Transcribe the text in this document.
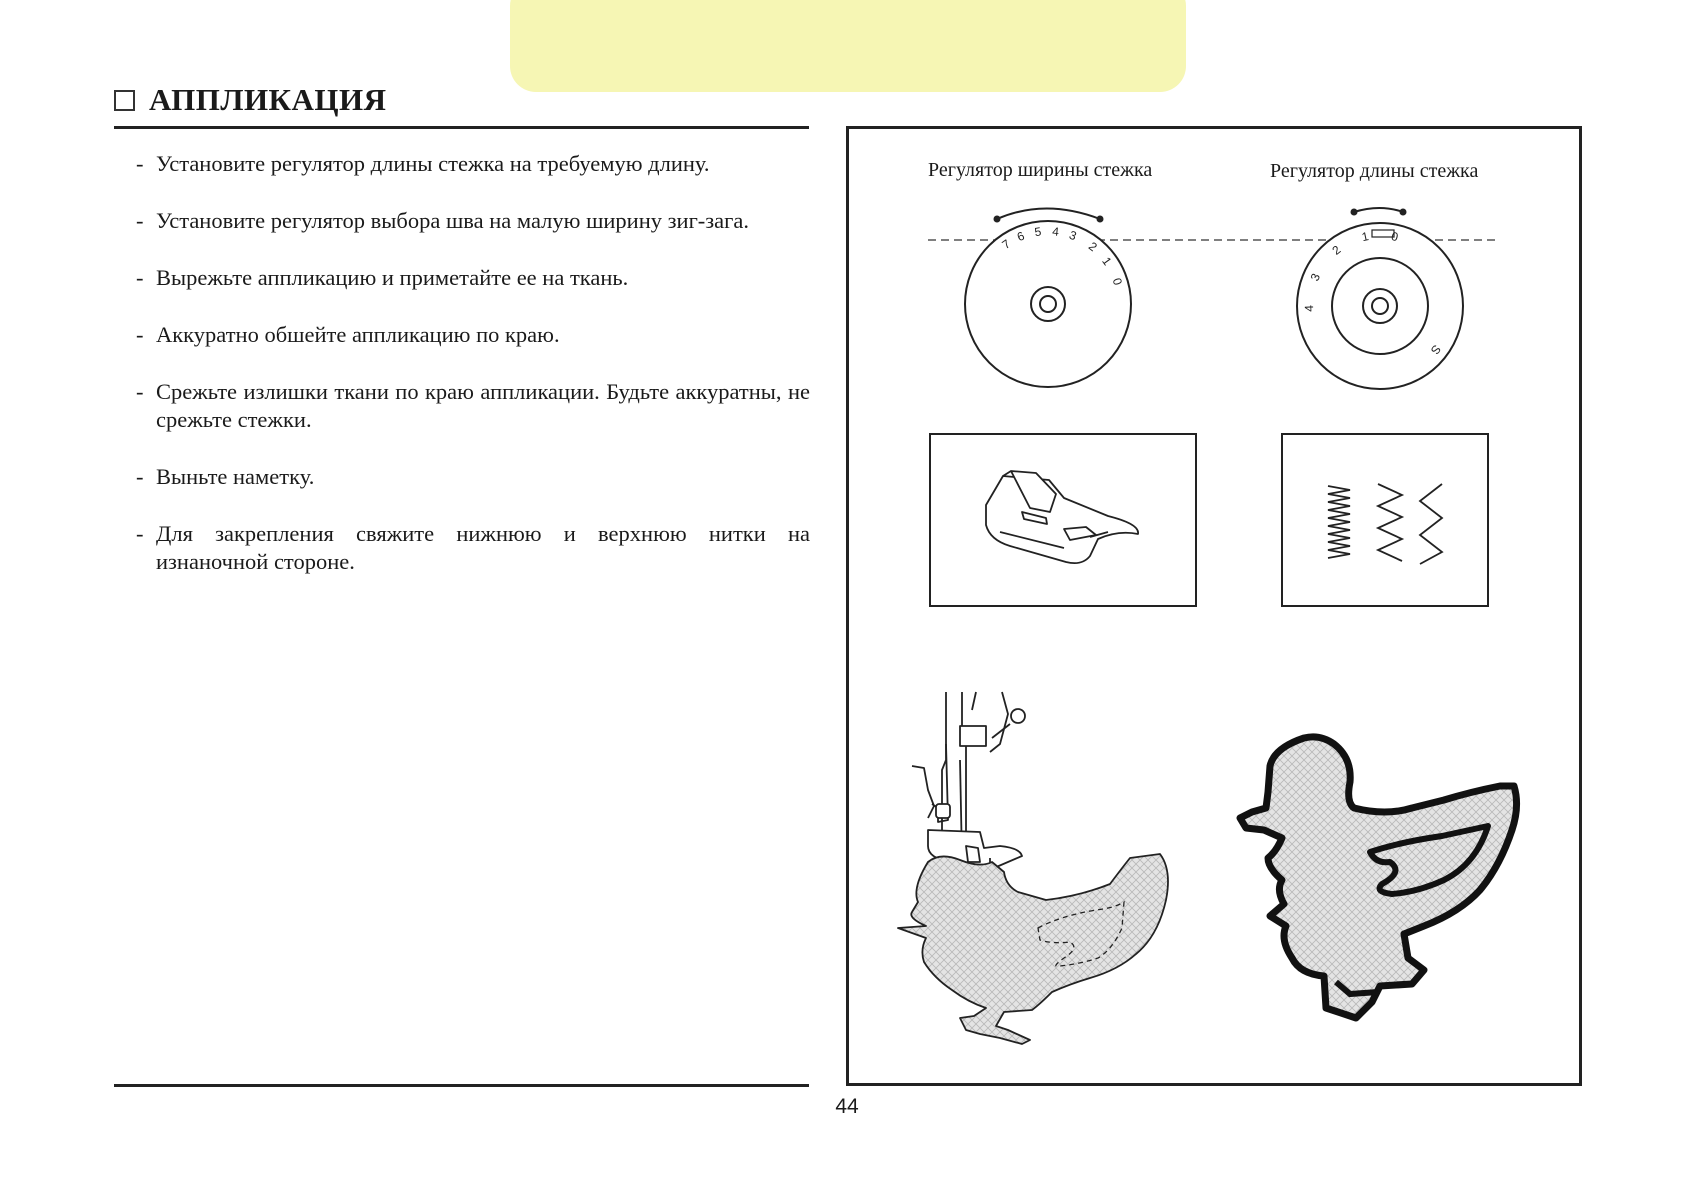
АППЛИКАЦИЯ
- Установите регулятор длины стежка на требуемую длину.
- Установите регулятор выбора шва на малую ширину зиг-зага.
- Вырежьте аппликацию и приметайте ее на ткань.
- Аккуратно обшейте аппликацию по краю.
- Срежьте излишки ткани по краю аппликации. Будьте аккуратны, не срежьте стежки.
- Выньте наметку.
- Для закрепления свяжите нижнюю и верхнюю нитки на изнаночной стороне.
Регулятор ширины стежка	Регулятор длины стежка
7
6 5 4 3
2
1
0
0
1
2
3
4
S
44
